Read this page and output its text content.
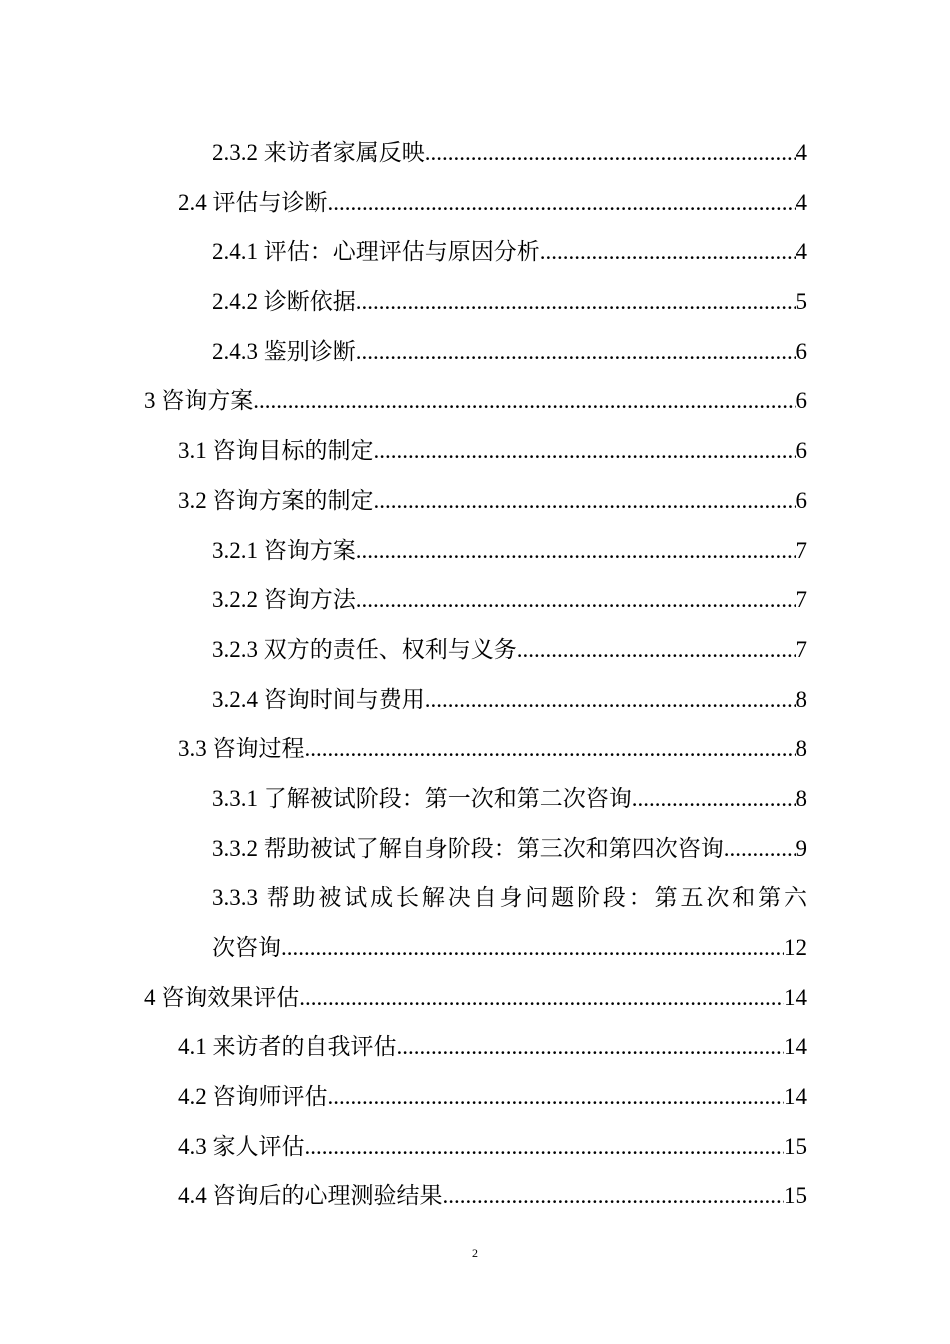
2.3.2 来访者家属反映 .....	4
2.4 评估与诊断 .....	4
2.4.1 评估：心理评估与原因分析 .....	4
2.4.2 诊断依据 .....	5
2.4.3 鉴别诊断 .....	6
3 咨询方案 .....	6
3.1 咨询目标的制定 .....	6
3.2 咨询方案的制定 .....	6
3.2.1 咨询方案 .....	7
3.2.2 咨询方法 .....	7
3.2.3 双方的责任、权利与义务 .....	7
3.2.4 咨询时间与费用 .....	8
3.3 咨询过程 .....	8
3.3.1 了解被试阶段：第一次和第二次咨询 .....	8
3.3.2 帮助被试了解自身阶段：第三次和第四次咨询 .....	9
3.3.3 帮助被试成长解决自身问题阶段：第五次和第六
次咨询 .....	12
4 咨询效果评估 .....	14
4.1 来访者的自我评估 .....	14
4.2 咨询师评估 .....	14
4.3 家人评估 .....	15
4.4 咨询后的心理测验结果 .....	15
2
